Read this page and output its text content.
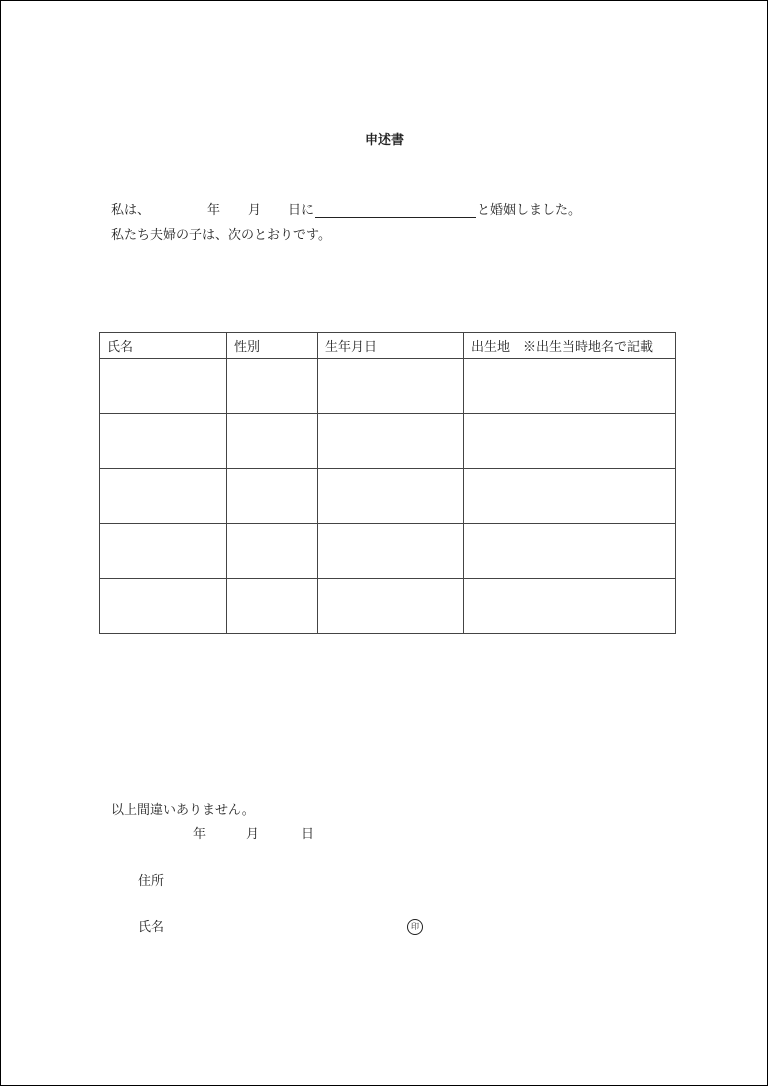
申述書
私は、	年 月 日に	と婚姻しました。
私たち夫婦の子は、次のとおりです。
氏名	性別	生年月日	出生地　※出生当時地名で記載

以上間違いありません。
年	月	日
住所
氏名	印
